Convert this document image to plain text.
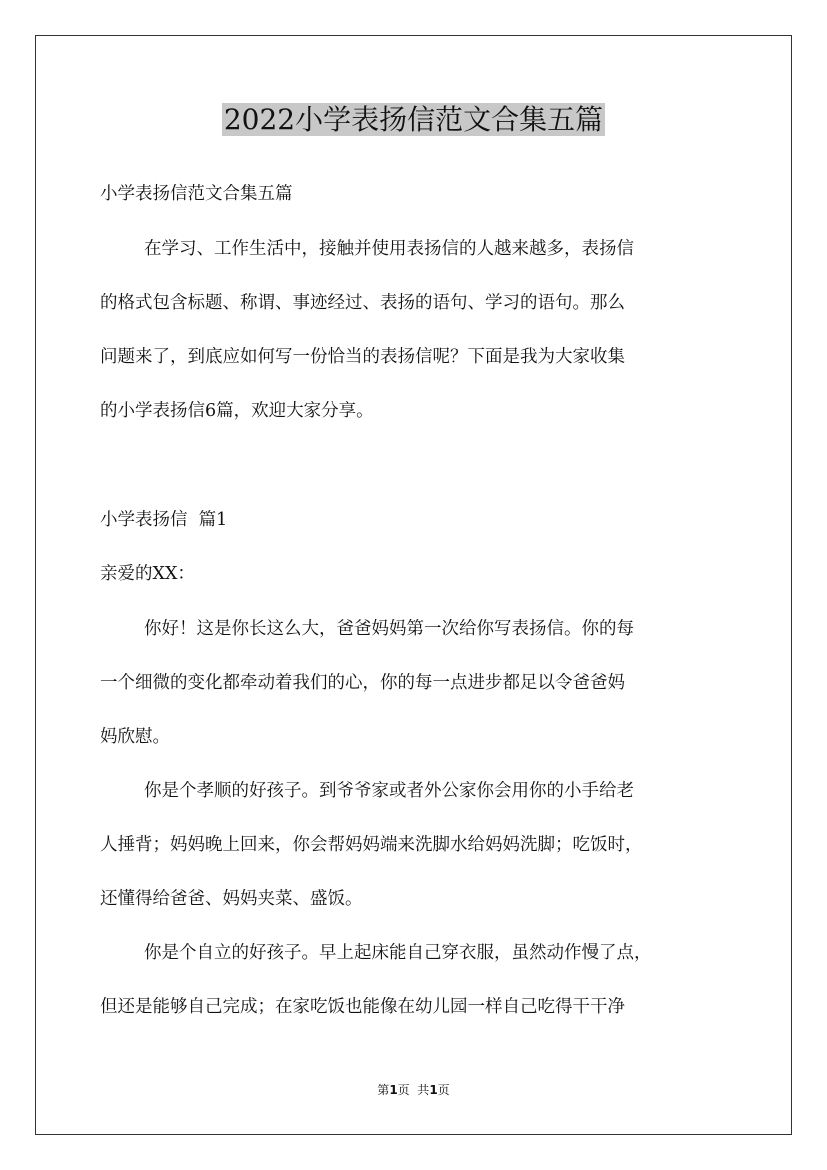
2022小学表扬信范文合集五篇

小学表扬信范文合集五篇

在学习、工作生活中，接触并使用表扬信的人越来越多，表扬信

的格式包含标题、称谓、事迹经过、表扬的语句、学习的语句。那么

问题来了，到底应如何写一份恰当的表扬信呢？下面是我为大家收集

的小学表扬信6篇，欢迎大家分享。

小学表扬信  篇1

亲爱的XX：

你好！这是你长这么大，爸爸妈妈第一次给你写表扬信。你的每

一个细微的变化都牵动着我们的心，你的每一点进步都足以令爸爸妈

妈欣慰。

你是个孝顺的好孩子。到爷爷家或者外公家你会用你的小手给老

人捶背；妈妈晚上回来，你会帮妈妈端来洗脚水给妈妈洗脚；吃饭时，

还懂得给爸爸、妈妈夹菜、盛饭。

你是个自立的好孩子。早上起床能自己穿衣服，虽然动作慢了点，

但还是能够自己完成；在家吃饭也能像在幼儿园一样自己吃得干干净

第1页  共1页
